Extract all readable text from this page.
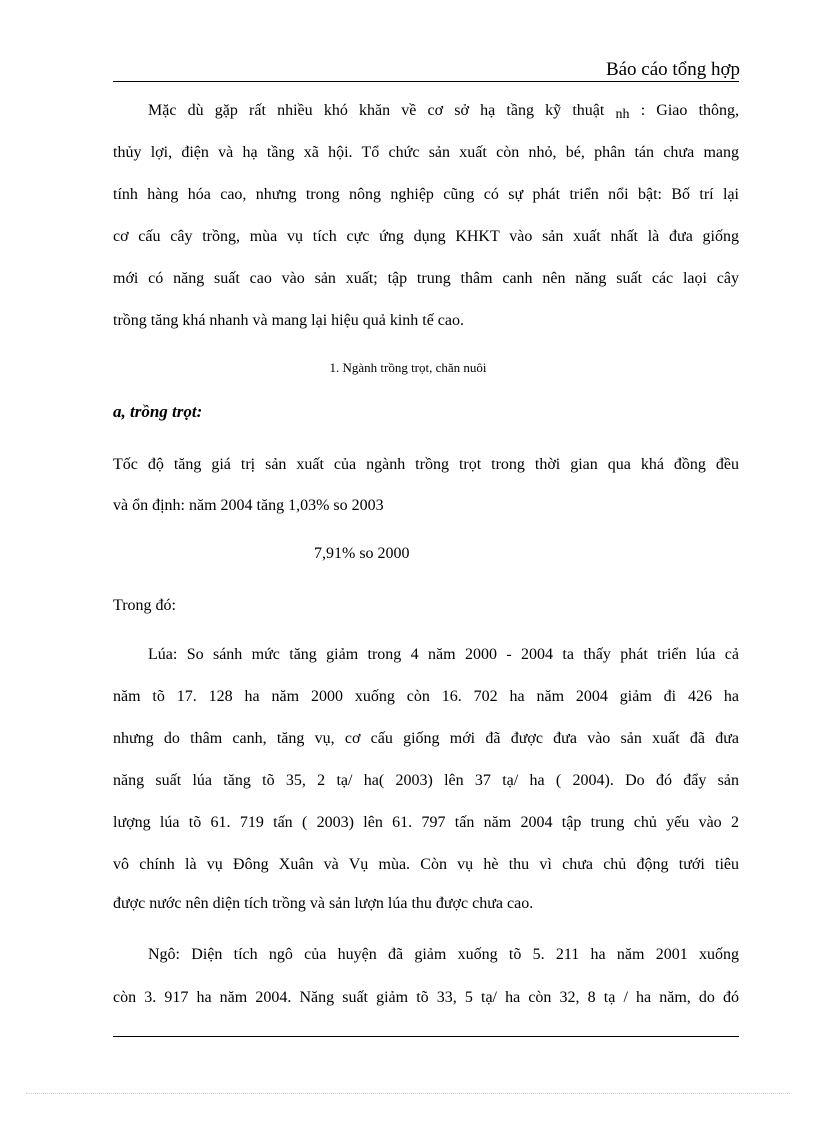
Báo cáo tổng hợp
Mặc dù gặp rất nhiều khó khăn về cơ sở hạ tầng kỹ thuật nh : Giao thông,
thủy lợi, điện và hạ tầng xã hội. Tổ chức sản xuất còn nhỏ, bé, phân tán chưa mang
tính hàng hóa cao, nhưng trong nông nghiệp cũng có sự phát triển nổi bật: Bố trí lại
cơ cấu cây trồng, mùa vụ tích cực ứng dụng KHKT vào sản xuất nhất là đưa giống
mới có năng suất cao vào sản xuất; tập trung thâm canh nên năng suất các laọi cây
trồng tăng khá nhanh và mang lại hiệu quả kinh tế cao.
1. Ngành trồng trọt, chăn nuôi
a, trồng trọt:
Tốc độ tăng giá trị sản xuất của ngành trồng trọt trong thời gian qua khá đồng đều
và ổn định: năm 2004 tăng 1,03% so 2003
7,91% so 2000
Trong đó:
Lúa: So sánh mức tăng giảm trong 4 năm 2000 - 2004 ta thấy phát triển lúa cả
năm tõ 17. 128 ha năm 2000 xuống còn 16. 702 ha năm 2004 giảm đi 426 ha
nhưng do thâm canh, tăng vụ, cơ cấu giống mới đã được đưa vào sản xuất đã đưa
năng suất lúa tăng tõ 35, 2 tạ/ ha( 2003) lên 37 tạ/ ha ( 2004). Do đó đẩy sản
lượng lúa tõ 61. 719 tấn ( 2003) lên 61. 797 tấn năm 2004 tập trung chủ yếu vào 2
vô chính là vụ Đông Xuân và Vụ mùa. Còn vụ hè thu vì chưa chủ động tưới tiêu
được nước nên diện tích trồng và sản lượn lúa thu được chưa cao.
Ngô: Diện tích ngô của huyện đã giảm xuống tõ 5. 211 ha năm 2001 xuống
còn 3. 917 ha năm 2004. Năng suất giảm tõ 33, 5 tạ/ ha còn 32, 8 tạ / ha năm, do đó
